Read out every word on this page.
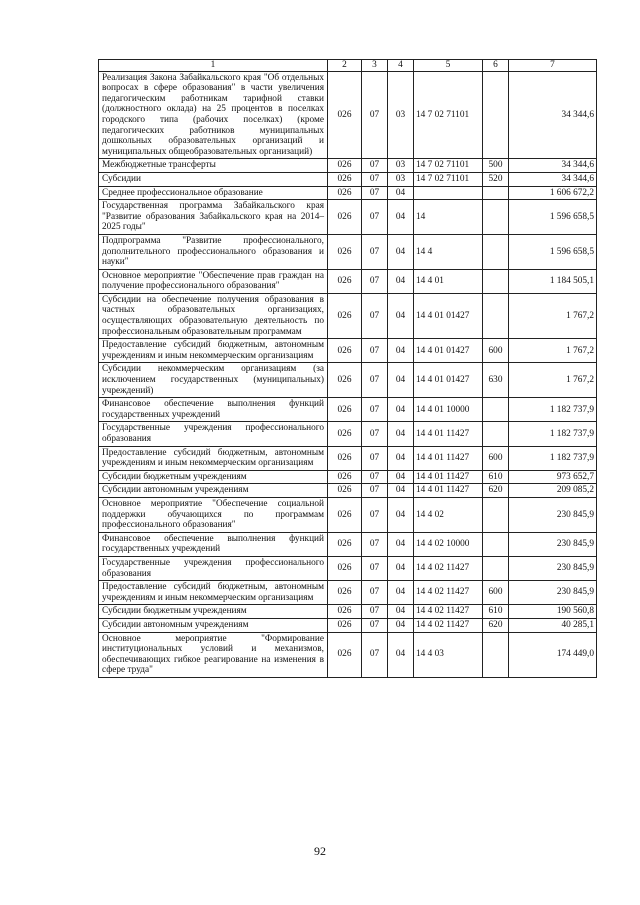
1	2	3	4	5	6	7
Реализация Закона Забайкальского края "Об отдельных вопросах в сфере образования" в части увеличения педагогическим работникам тарифной ставки (должностного оклада) на 25 процентов в поселках городского типа (рабочих поселках) (кроме педагогических работников муниципальных дошкольных образовательных организаций и муниципальных общеобразовательных организаций)	026	07	03	14 7 02 71101		34 344,6
Межбюджетные трансферты	026	07	03	14 7 02 71101	500	34 344,6
Субсидии	026	07	03	14 7 02 71101	520	34 344,6
Среднее профессиональное образование	026	07	04			1 606 672,2
Государственная программа Забайкальского края "Развитие образования Забайкальского края на 2014–2025 годы"	026	07	04	14		1 596 658,5
Подпрограмма "Развитие профессионального, дополнительного профессионального образования и науки"	026	07	04	14 4		1 596 658,5
Основное мероприятие "Обеспечение прав граждан на получение профессионального образования"	026	07	04	14 4 01		1 184 505,1
Субсидии на обеспечение получения образования в частных образовательных организациях, осуществляющих образовательную деятельность по профессиональным образовательным программам	026	07	04	14 4 01 01427		1 767,2
Предоставление субсидий бюджетным, автономным учреждениям и иным некоммерческим организациям	026	07	04	14 4 01 01427	600	1 767,2
Субсидии некоммерческим организациям (за исключением государственных (муниципальных) учреждений)	026	07	04	14 4 01 01427	630	1 767,2
Финансовое обеспечение выполнения функций государственных учреждений	026	07	04	14 4 01 10000		1 182 737,9
Государственные учреждения профессионального образования	026	07	04	14 4 01 11427		1 182 737,9
Предоставление субсидий бюджетным, автономным учреждениям и иным некоммерческим организациям	026	07	04	14 4 01 11427	600	1 182 737,9
Субсидии бюджетным учреждениям	026	07	04	14 4 01 11427	610	973 652,7
Субсидии автономным учреждениям	026	07	04	14 4 01 11427	620	209 085,2
Основное мероприятие "Обеспечение социальной поддержки обучающихся по программам профессионального образования"	026	07	04	14 4 02		230 845,9
Финансовое обеспечение выполнения функций государственных учреждений	026	07	04	14 4 02 10000		230 845,9
Государственные учреждения профессионального образования	026	07	04	14 4 02 11427		230 845,9
Предоставление субсидий бюджетным, автономным учреждениям и иным некоммерческим организациям	026	07	04	14 4 02 11427	600	230 845,9
Субсидии бюджетным учреждениям	026	07	04	14 4 02 11427	610	190 560,8
Субсидии автономным учреждениям	026	07	04	14 4 02 11427	620	40 285,1
Основное мероприятие "Формирование институциональных условий и механизмов, обеспечивающих гибкое реагирование на изменения в сфере труда"	026	07	04	14 4 03		174 449,0
92
